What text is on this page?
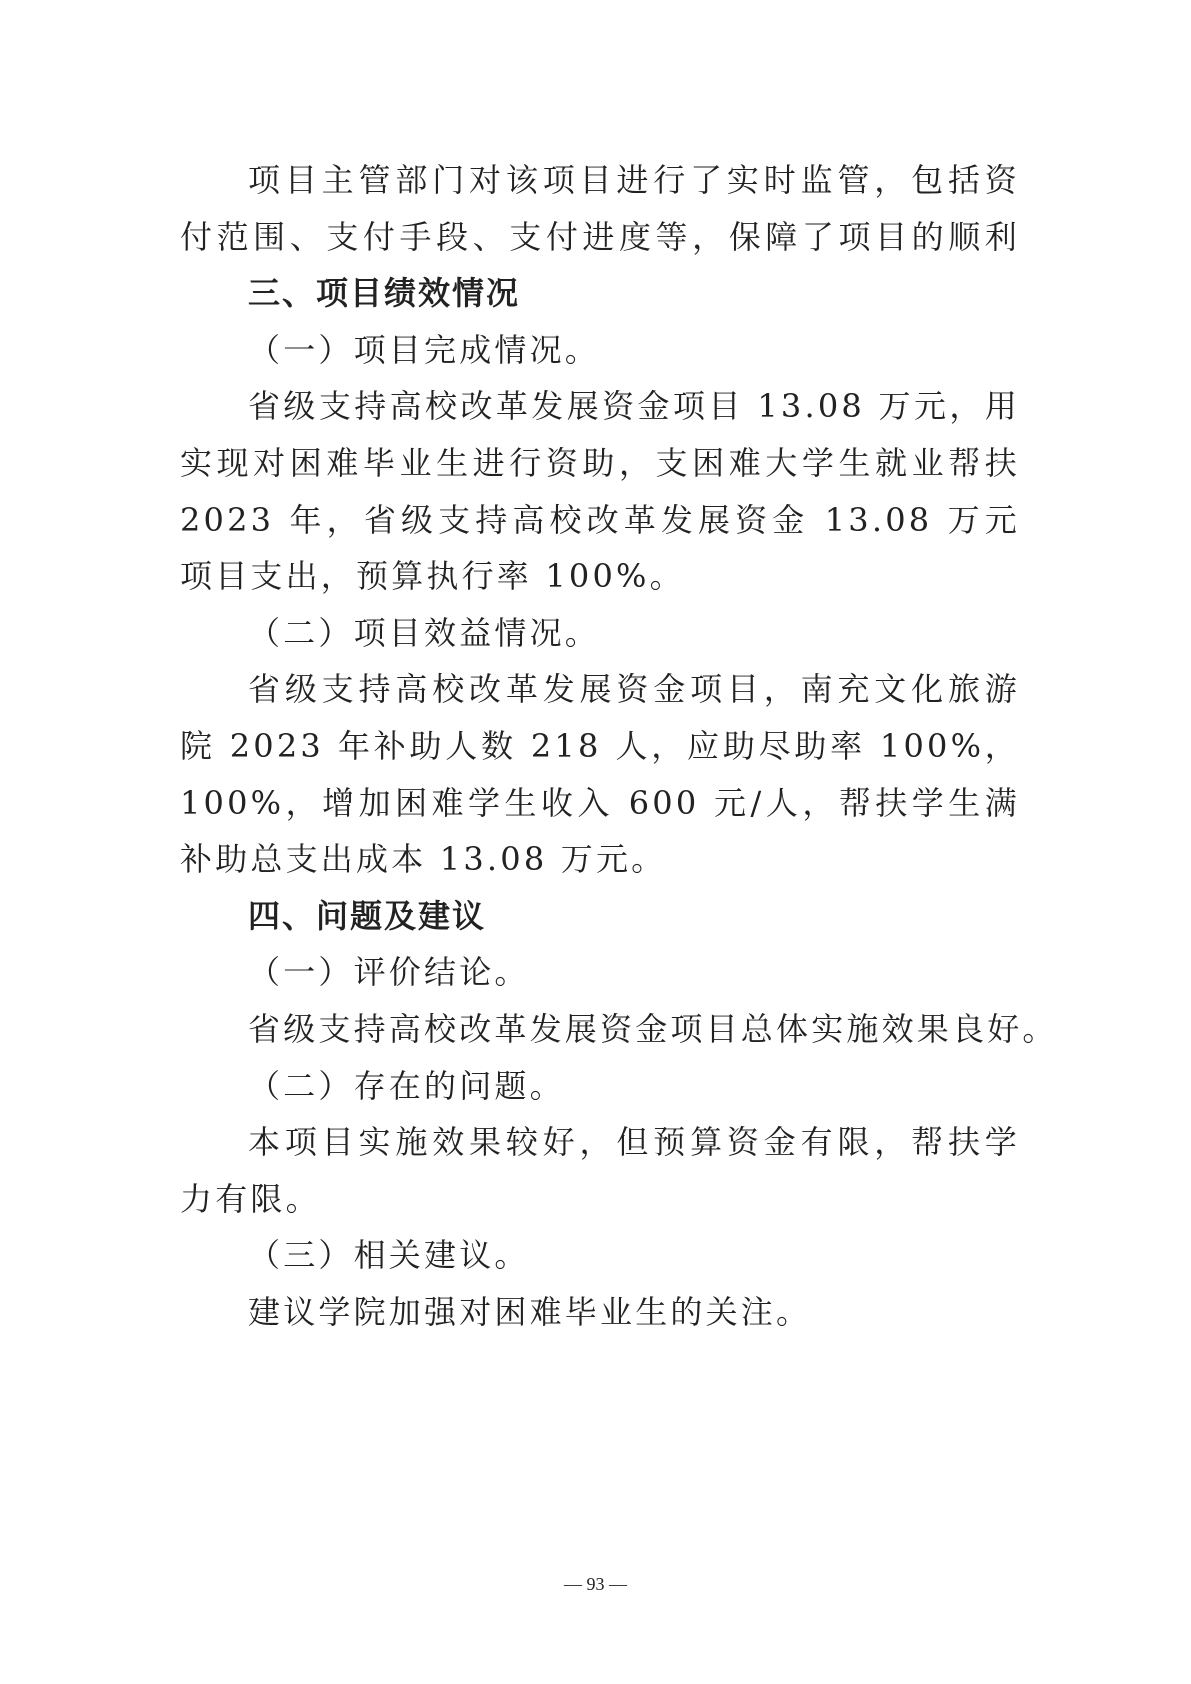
项目主管部门对该项目进行了实时监管，包括资
付范围、支付手段、支付进度等，保障了项目的顺利
三、项目绩效情况
（一）项目完成情况。
省级支持高校改革发展资金项目 13.08 万元，用
实现对困难毕业生进行资助，支困难大学生就业帮扶
2023 年，省级支持高校改革发展资金 13.08 万元
项目支出，预算执行率 100%。
（二）项目效益情况。
省级支持高校改革发展资金项目，南充文化旅游
院 2023 年补助人数 218 人，应助尽助率 100%，
100%，增加困难学生收入 600 元/人，帮扶学生满
补助总支出成本 13.08 万元。
四、问题及建议
（一）评价结论。
省级支持高校改革发展资金项目总体实施效果良好。
（二）存在的问题。
本项目实施效果较好，但预算资金有限，帮扶学
力有限。
（三）相关建议。
建议学院加强对困难毕业生的关注。
— 93 —
